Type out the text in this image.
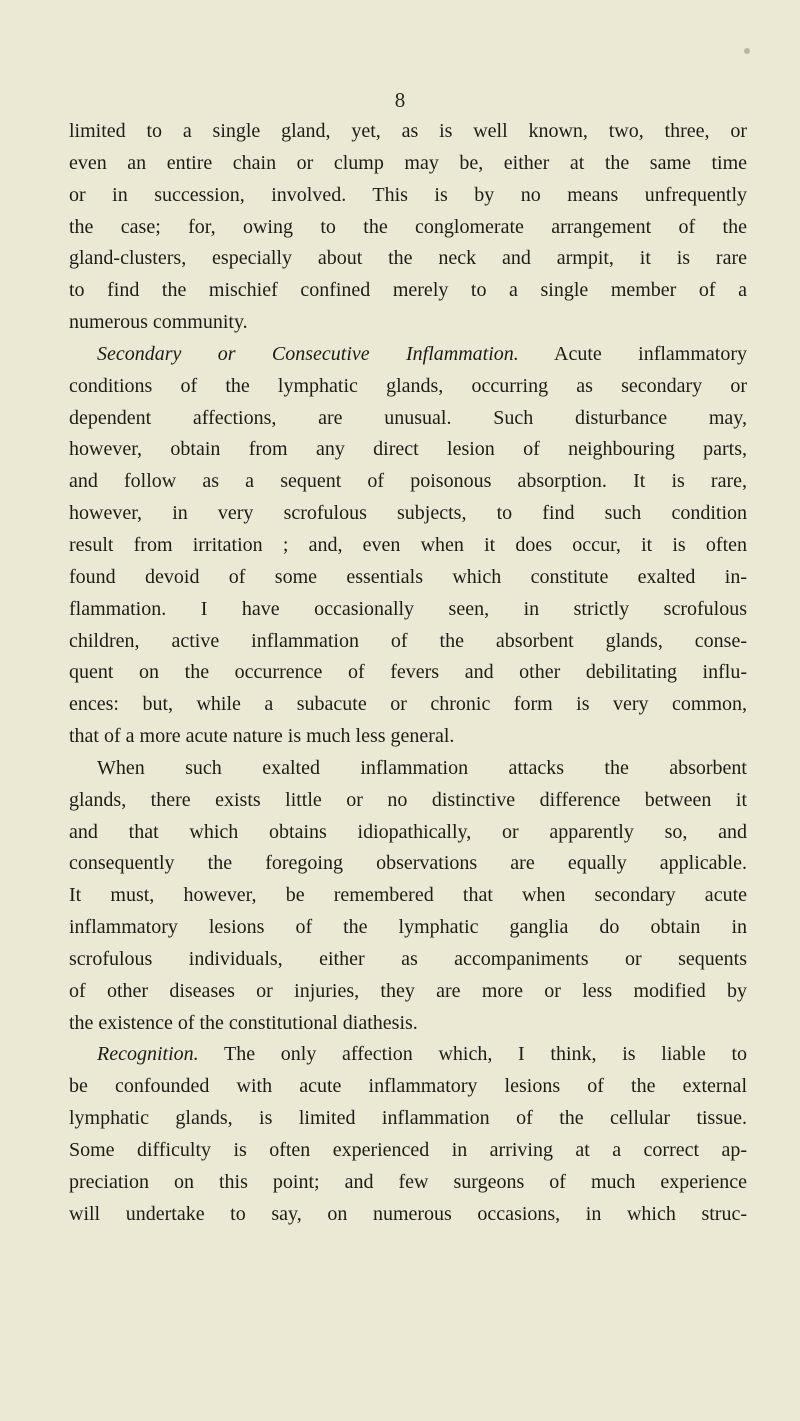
8
limited to a single gland, yet, as is well known, two, three, or
even an entire chain or clump may be, either at the same time
or in succession, involved. This is by no means unfrequently
the case; for, owing to the conglomerate arrangement of the
gland-clusters, especially about the neck and armpit, it is rare
to find the mischief confined merely to a single member of a
numerous community.
Secondary or Consecutive Inflammation. Acute inflammatory
conditions of the lymphatic glands, occurring as secondary or
dependent affections, are unusual. Such disturbance may,
however, obtain from any direct lesion of neighbouring parts,
and follow as a sequent of poisonous absorption. It is rare,
however, in very scrofulous subjects, to find such condition
result from irritation ; and, even when it does occur, it is often
found devoid of some essentials which constitute exalted in-
flammation. I have occasionally seen, in strictly scrofulous
children, active inflammation of the absorbent glands, conse-
quent on the occurrence of fevers and other debilitating influ-
ences: but, while a subacute or chronic form is very common,
that of a more acute nature is much less general.
When such exalted inflammation attacks the absorbent
glands, there exists little or no distinctive difference between it
and that which obtains idiopathically, or apparently so, and
consequently the foregoing observations are equally applicable.
It must, however, be remembered that when secondary acute
inflammatory lesions of the lymphatic ganglia do obtain in
scrofulous individuals, either as accompaniments or sequents
of other diseases or injuries, they are more or less modified by
the existence of the constitutional diathesis.
Recognition. The only affection which, I think, is liable to
be confounded with acute inflammatory lesions of the external
lymphatic glands, is limited inflammation of the cellular tissue.
Some difficulty is often experienced in arriving at a correct ap-
preciation on this point; and few surgeons of much experience
will undertake to say, on numerous occasions, in which struc-
